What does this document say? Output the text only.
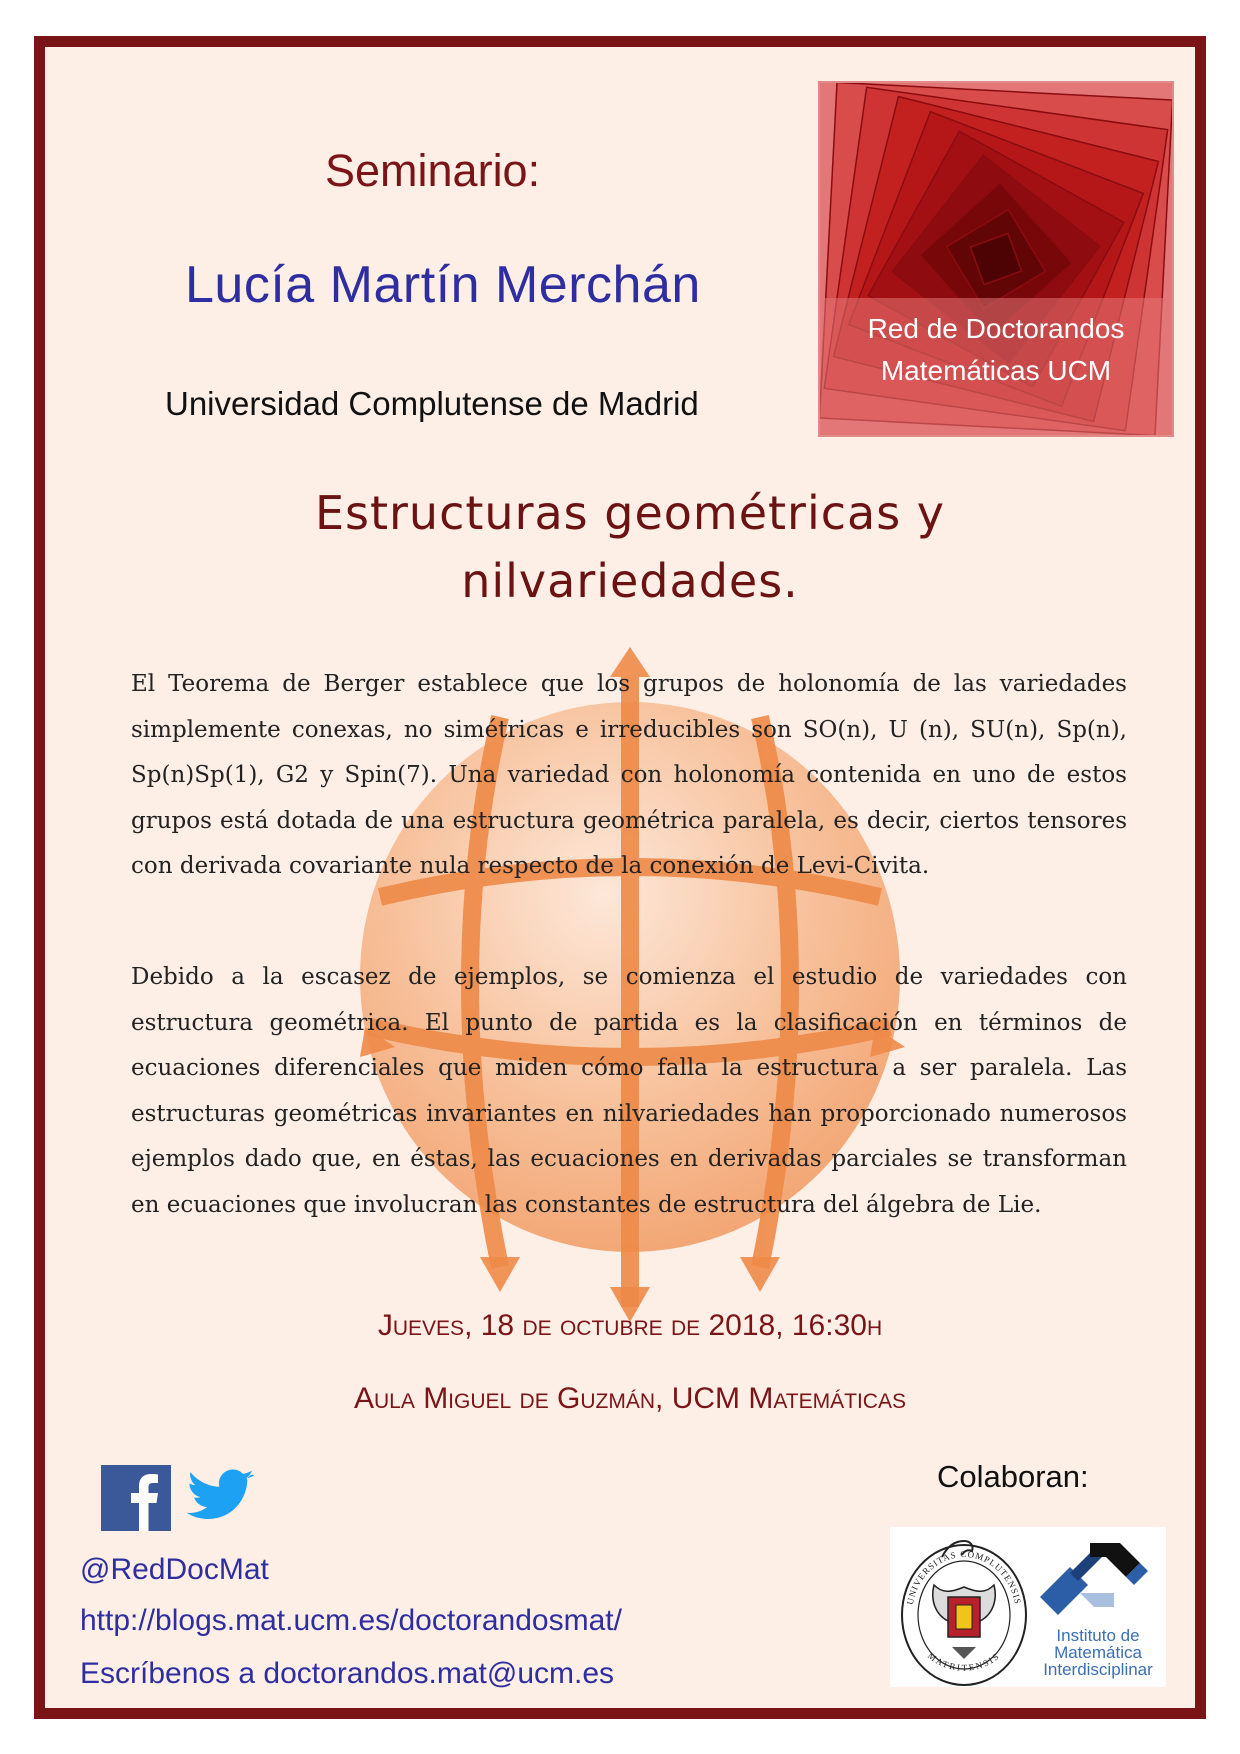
Seminario:
Lucía Martín Merchán
Universidad Complutense de Madrid
Red de Doctorandos
Matemáticas UCM
Estructuras geométricas y
nilvariedades.

El Teorema de Berger establece que los grupos de holonomía de las variedades simplemente conexas, no simétricas e irreducibles son SO(n), U (n), SU(n), Sp(n), Sp(n)Sp(1), G2 y Spin(7). Una variedad con holonomía contenida en uno de estos grupos está dotada de una estructura geométrica paralela, es decir, ciertos tensores con derivada covariante nula respecto de la conexión de Levi-Civita.

Debido a la escasez de ejemplos, se comienza el estudio de variedades con estructura geométrica. El punto de partida es la clasificación en términos de ecuaciones diferenciales que miden cómo falla la estructura a ser paralela. Las estructuras geométricas invariantes en nilvariedades han proporcionado numerosos ejemplos dado que, en éstas, las ecuaciones en derivadas parciales se transforman en ecuaciones que involucran las constantes de estructura del álgebra de Lie.

Jueves, 18 de octubre de 2018, 16:30h
Aula Miguel de Guzmán, UCM Matemáticas
@RedDocMat
http://blogs.mat.ucm.es/doctorandosmat/
Escríbenos a doctorandos.mat@ucm.es
Colaboran:
UNIVERSITAS COMPLUTENSIS
MATRITENSIS
Instituto de
Matemática
Interdisciplinar
